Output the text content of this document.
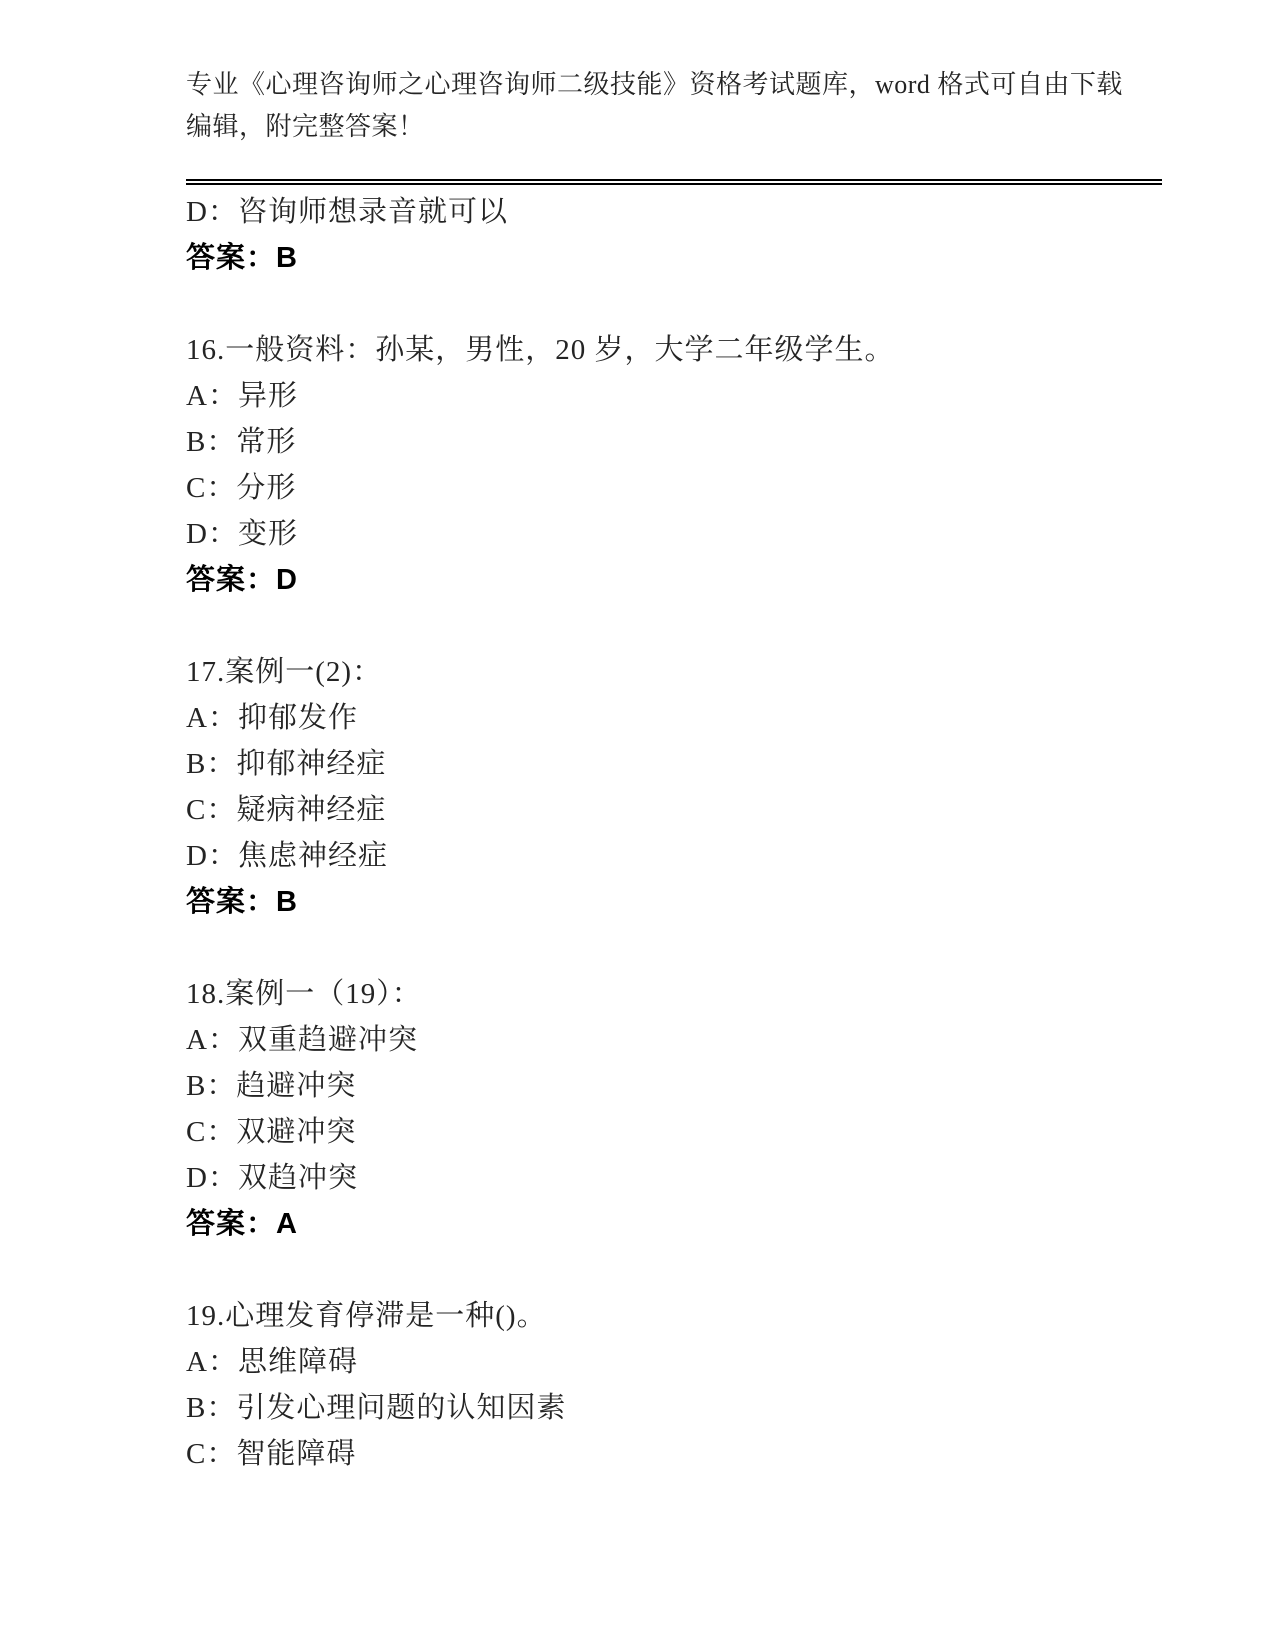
专业《心理咨询师之心理咨询师二级技能》资格考试题库，word 格式可自由下载
编辑，附完整答案！

D：咨询师想录音就可以

答案：B

16.一般资料：孙某，男性，20 岁，大学二年级学生。

A：异形

B：常形

C：分形

D：变形

答案：D

17.案例一(2)：

A：抑郁发作

B：抑郁神经症

C：疑病神经症

D：焦虑神经症

答案：B

18.案例一（19）：

A：双重趋避冲突

B：趋避冲突

C：双避冲突

D：双趋冲突

答案：A

19.心理发育停滞是一种()。

A：思维障碍

B：引发心理问题的认知因素

C：智能障碍
